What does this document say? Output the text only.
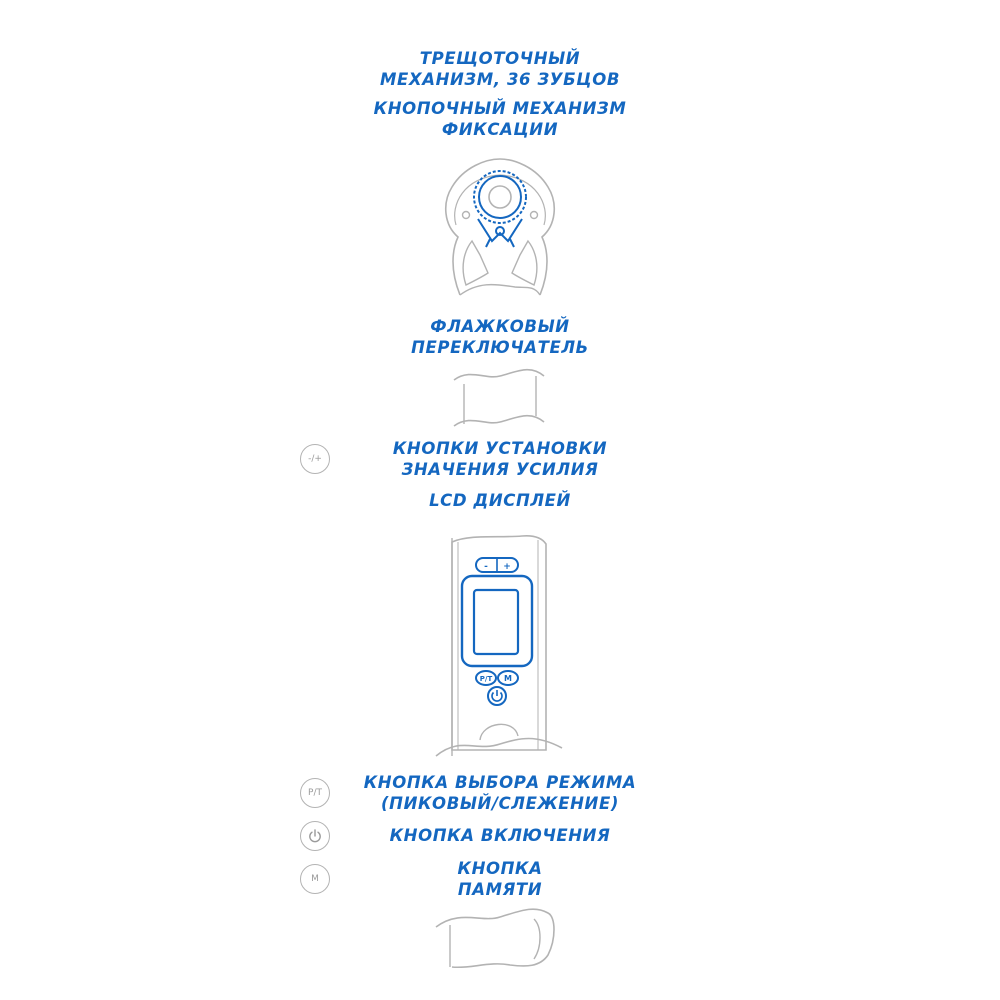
ТРЕЩОТОЧНЫЙ
МЕХАНИЗМ, 36 ЗУБЦОВ
КНОПОЧНЫЙ МЕХАНИЗМ
ФИКСАЦИИ
ФЛАЖКОВЫЙ
ПЕРЕКЛЮЧАТЕЛЬ
КНОПКИ УСТАНОВКИ
ЗНАЧЕНИЯ УСИЛИЯ
LCD ДИСПЛЕЙ
КНОПКА ВЫБОРА РЕЖИМА
(ПИКОВЫЙ/СЛЕЖЕНИЕ)
КНОПКА ВКЛЮЧЕНИЯ
КНОПКА
ПАМЯТИ
-/+
P/T
M
- +
P/T M
